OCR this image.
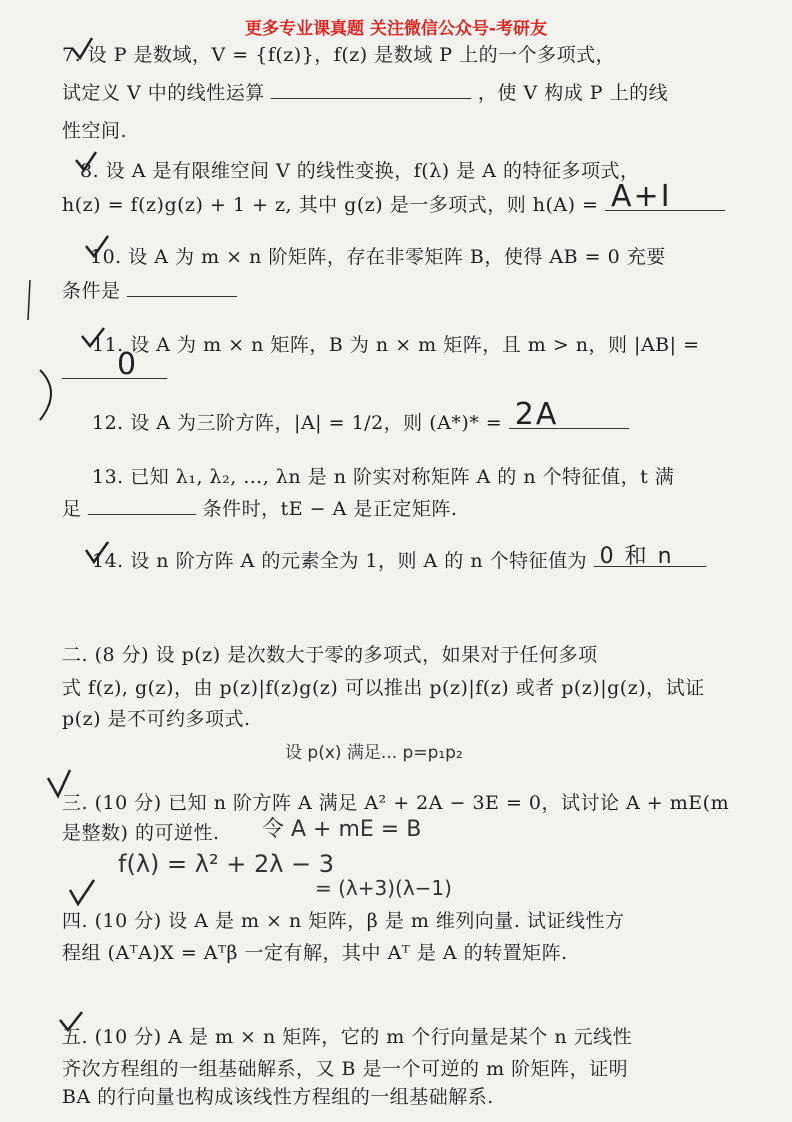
更多专业课真题 关注微信公众号-考研友
7. 设 P 是数域，V = {f(z)}，f(z) 是数域 P 上的一个多项式，
试定义 V 中的线性运算	，使 V 构成 P 上的线
性空间.
8. 设 A 是有限维空间 V 的线性变换，f(λ) 是 A 的特征多项式，
h(z) = f(z)g(z) + 1 + z, 其中 g(z) 是一多项式，则 h(A) = A+I
10. 设 A 为 m × n 阶矩阵，存在非零矩阵 B，使得 AB = 0 充要
条件是
11. 设 A 为 m × n 矩阵，B 为 n × m 矩阵，且 m > n，则 |AB| =
0
12. 设 A 为三阶方阵，|A| = 1/2，则 (A*)* = 2A
13. 已知 λ₁, λ₂, …, λn 是 n 阶实对称矩阵 A 的 n 个特征值，t 满
足	条件时，tE − A 是正定矩阵.
14. 设 n 阶方阵 A 的元素全为 1，则 A 的 n 个特征值为 0 和 n
二. (8 分) 设 p(z) 是次数大于零的多项式，如果对于任何多项
式 f(z), g(z)，由 p(z)|f(z)g(z) 可以推出 p(z)|f(z) 或者 p(z)|g(z)，试证
p(z) 是不可约多项式.
设 p(x) 满足... p=p₁p₂
三. (10 分) 已知 n 阶方阵 A 满足 A² + 2A − 3E = 0，试讨论 A + mE(m
是整数) 的可逆性. 令 A + mE = B
f(λ) = λ² + 2λ − 3
= (λ+3)(λ−1)
四. (10 分) 设 A 是 m × n 矩阵，β 是 m 维列向量. 试证线性方
程组 (AᵀA)X = Aᵀβ 一定有解，其中 Aᵀ 是 A 的转置矩阵.
五. (10 分) A 是 m × n 矩阵，它的 m 个行向量是某个 n 元线性
齐次方程组的一组基础解系，又 B 是一个可逆的 m 阶矩阵，证明
BA 的行向量也构成该线性方程组的一组基础解系.
